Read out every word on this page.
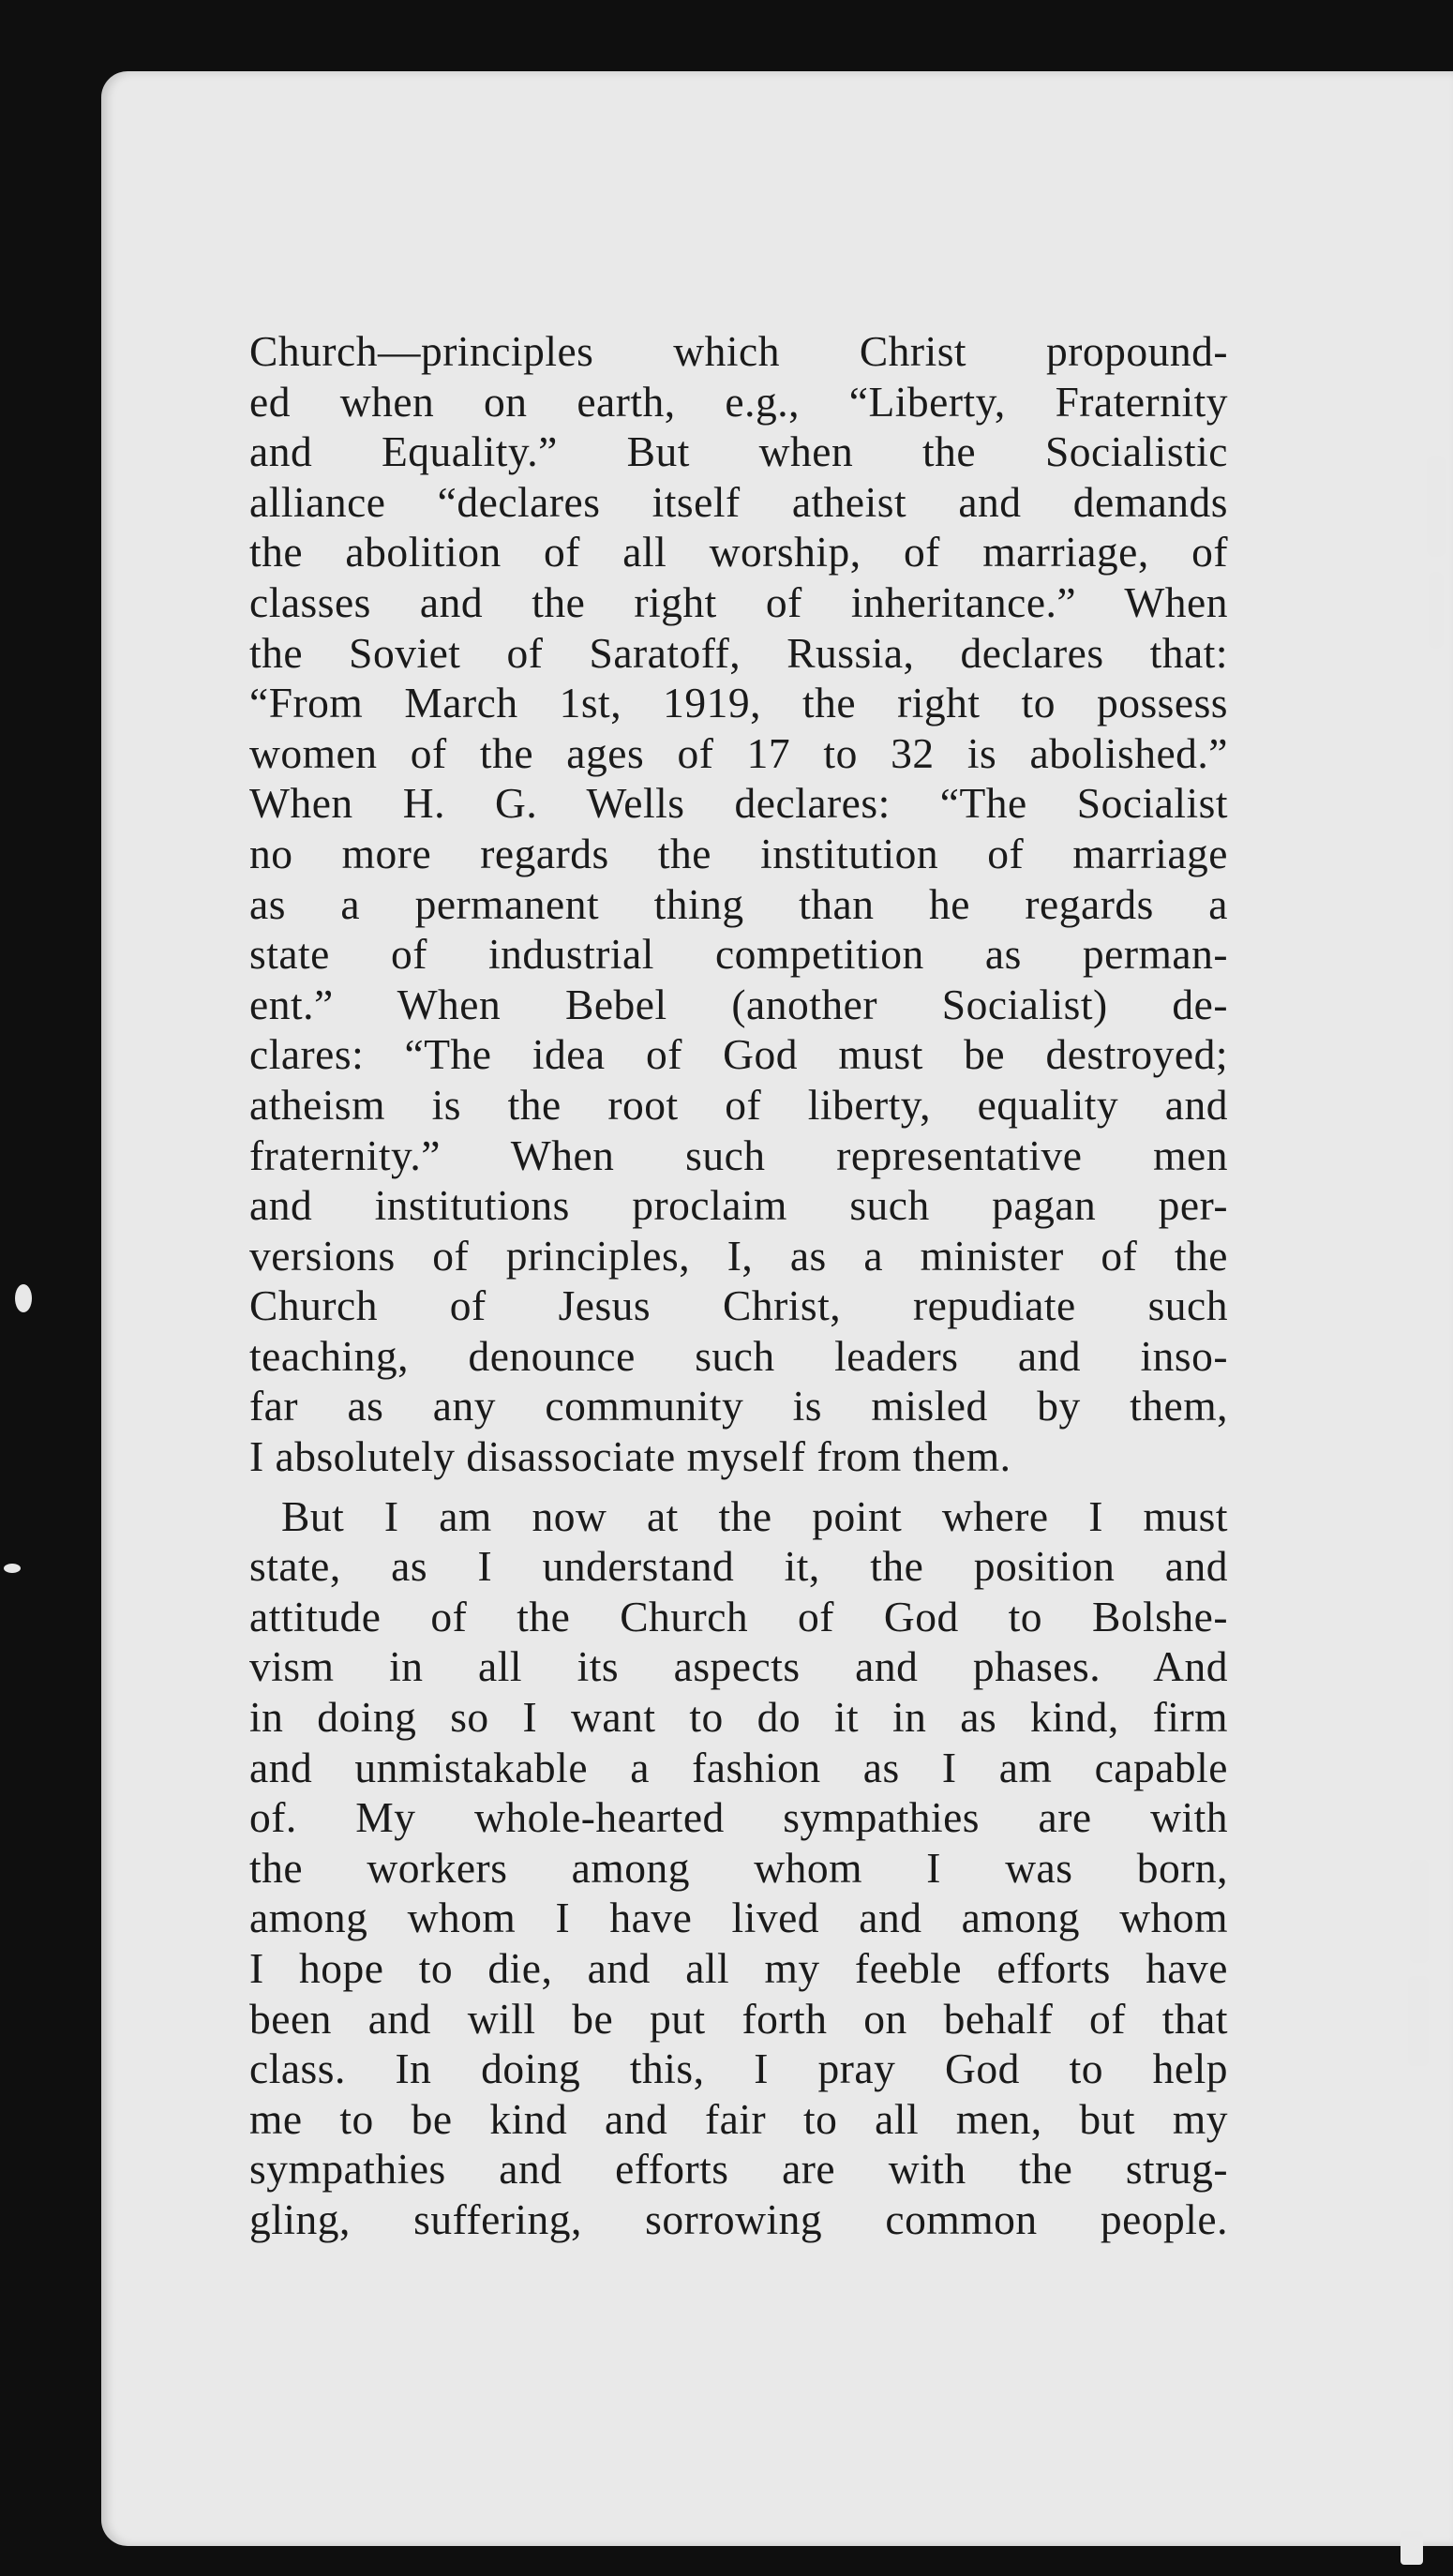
Church—principles which Christ propound-
ed when on earth, e.g., “Liberty, Fraternity
and Equality.” But when the Socialistic
alliance “declares itself atheist and demands
the abolition of all worship, of marriage, of
classes and the right of inheritance.” When
the Soviet of Saratoff, Russia, declares that:
“From March 1st, 1919, the right to possess
women of the ages of 17 to 32 is abolished.”
When H. G. Wells declares: “The Socialist
no more regards the institution of marriage
as a permanent thing than he regards a
state of industrial competition as perman-
ent.” When Bebel (another Socialist) de-
clares: “The idea of God must be destroyed;
atheism is the root of liberty, equality and
fraternity.” When such representative men
and institutions proclaim such pagan per-
versions of principles, I, as a minister of the
Church of Jesus Christ, repudiate such
teaching, denounce such leaders and inso-
far as any community is misled by them,
I absolutely disassociate myself from them.
But I am now at the point where I must
state, as I understand it, the position and
attitude of the Church of God to Bolshe-
vism in all its aspects and phases. And
in doing so I want to do it in as kind, firm
and unmistakable a fashion as I am capable
of. My whole-hearted sympathies are with
the workers among whom I was born,
among whom I have lived and among whom
I hope to die, and all my feeble efforts have
been and will be put forth on behalf of that
class. In doing this, I pray God to help
me to be kind and fair to all men, but my
sympathies and efforts are with the strug-
gling, suffering, sorrowing common people.
